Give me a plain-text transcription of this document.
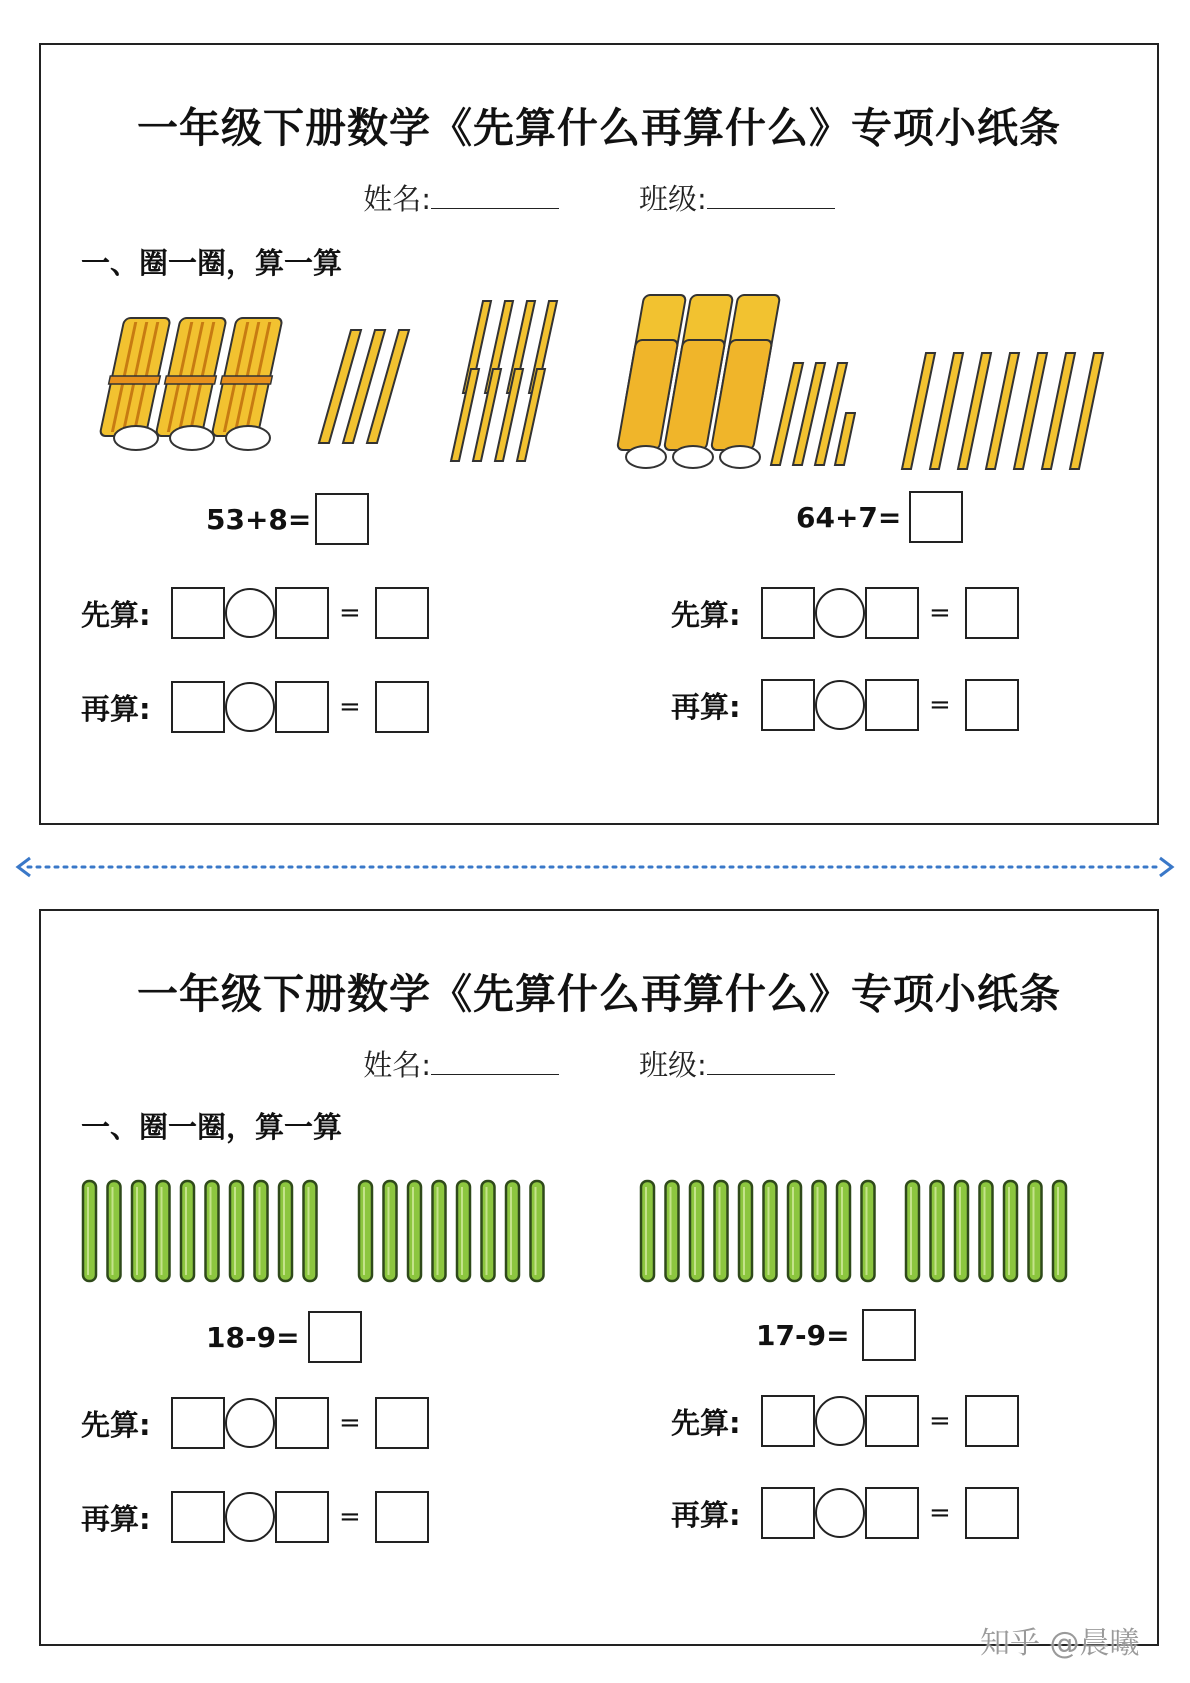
一年级下册数学《先算什么再算什么》专项小纸条
姓名:	班级:
一、圈一圈，算一算
53+8=
先算:	=
再算:	=
64+7=
先算:	=
再算:	=
一年级下册数学《先算什么再算什么》专项小纸条
姓名:	班级:
一、圈一圈，算一算
18-9=
先算:	=
再算:	=
17-9=
先算:	=
再算:	=
知乎 @晨曦
